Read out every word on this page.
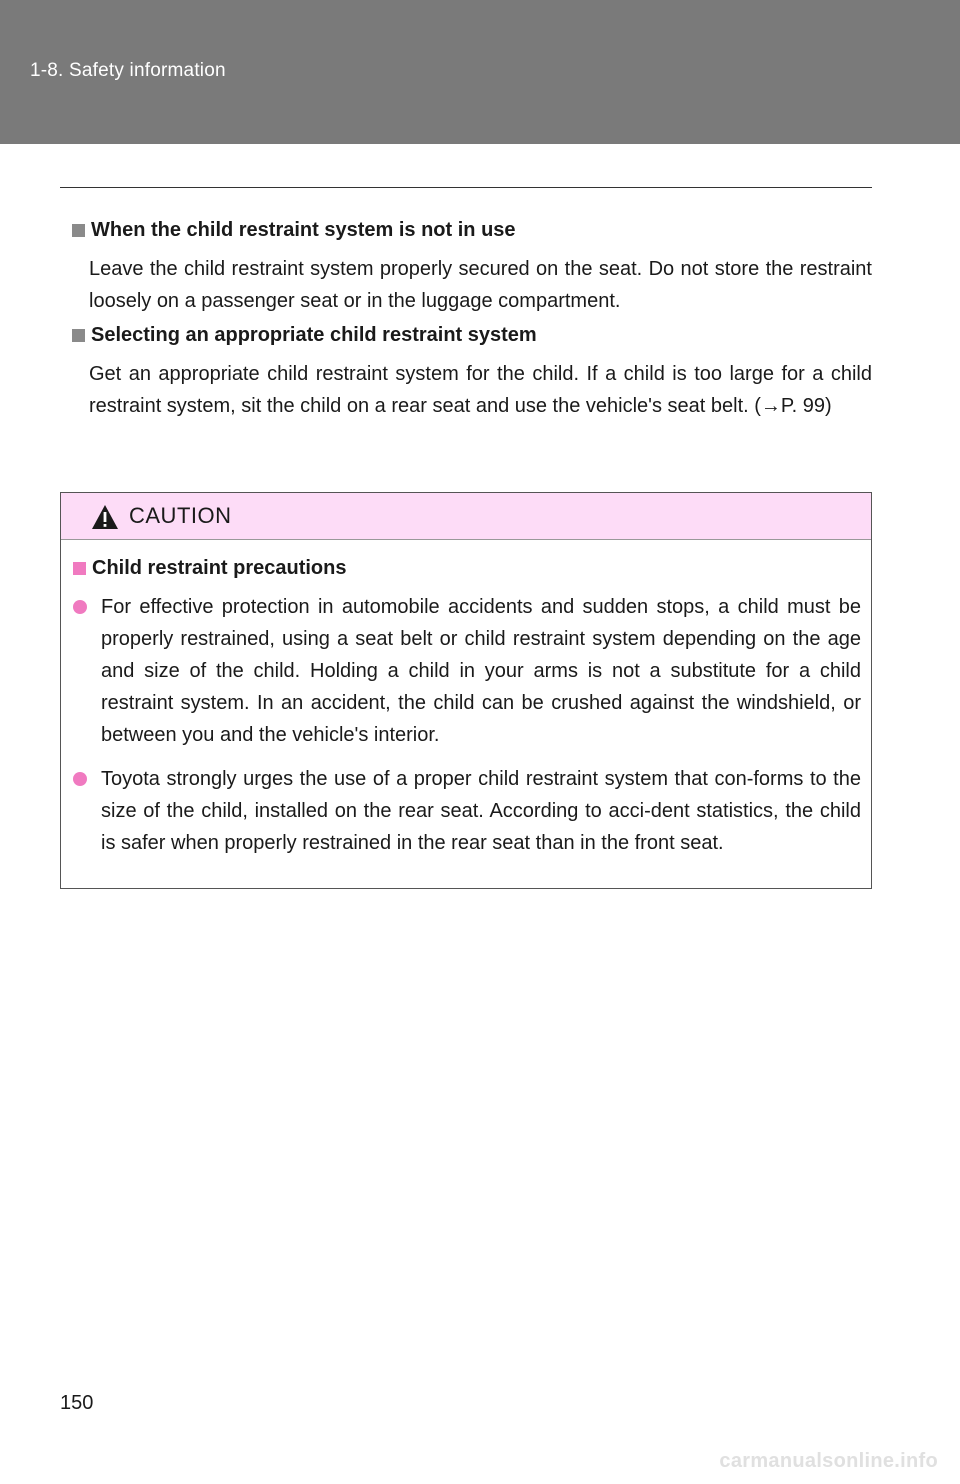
1-8. Safety information
When the child restraint system is not in use
Leave the child restraint system properly secured on the seat. Do not store the restraint loosely on a passenger seat or in the luggage compartment.
Selecting an appropriate child restraint system
Get an appropriate child restraint system for the child. If a child is too large for a child restraint system, sit the child on a rear seat and use the vehicle's seat belt. (→P. 99)
CAUTION
Child restraint precautions
For effective protection in automobile accidents and sudden stops, a child must be properly restrained, using a seat belt or child restraint system depending on the age and size of the child. Holding a child in your arms is not a substitute for a child restraint system. In an accident, the child can be crushed against the windshield, or between you and the vehicle's interior.
Toyota strongly urges the use of a proper child restraint system that con-forms to the size of the child, installed on the rear seat. According to acci-dent statistics, the child is safer when properly restrained in the rear seat than in the front seat.
150
carmanualsonline.info
